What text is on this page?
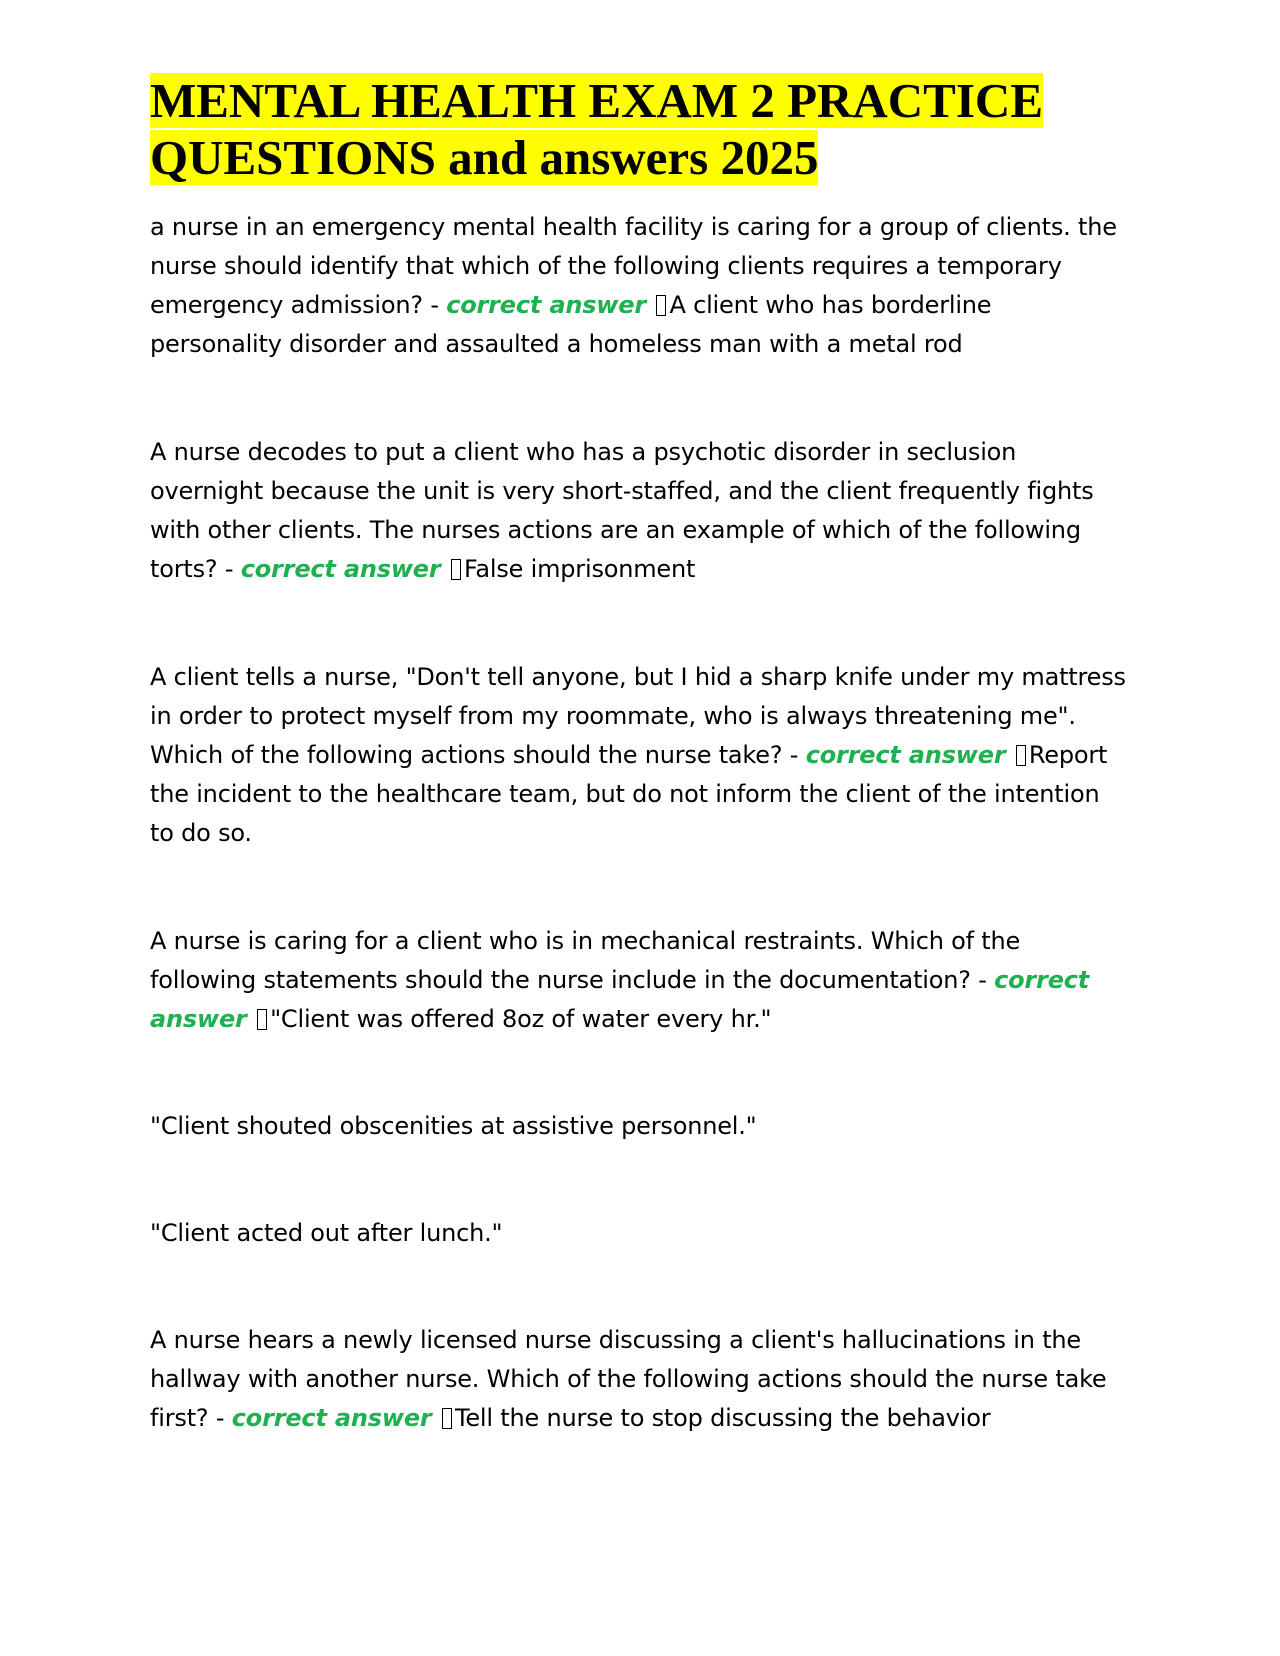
MENTAL HEALTH EXAM 2 PRACTICE
QUESTIONS and answers 2025

a nurse in an emergency mental health facility is caring for a group of clients. the nurse should identify that which of the following clients requires a temporary emergency admission? - correct answer A client who has borderline personality disorder and assaulted a homeless man with a metal rod

A nurse decodes to put a client who has a psychotic disorder in seclusion overnight because the unit is very short-staffed, and the client frequently fights with other clients. The nurses actions are an example of which of the following torts? - correct answer False imprisonment

A client tells a nurse, "Don't tell anyone, but I hid a sharp knife under my mattress in order to protect myself from my roommate, who is always threatening me". Which of the following actions should the nurse take? - correct answer Report the incident to the healthcare team, but do not inform the client of the intention to do so.

A nurse is caring for a client who is in mechanical restraints. Which of the following statements should the nurse include in the documentation? - correct answer "Client was offered 8oz of water every hr."

"Client shouted obscenities at assistive personnel."

"Client acted out after lunch."

A nurse hears a newly licensed nurse discussing a client's hallucinations in the hallway with another nurse. Which of the following actions should the nurse take first? - correct answer Tell the nurse to stop discussing the behavior
